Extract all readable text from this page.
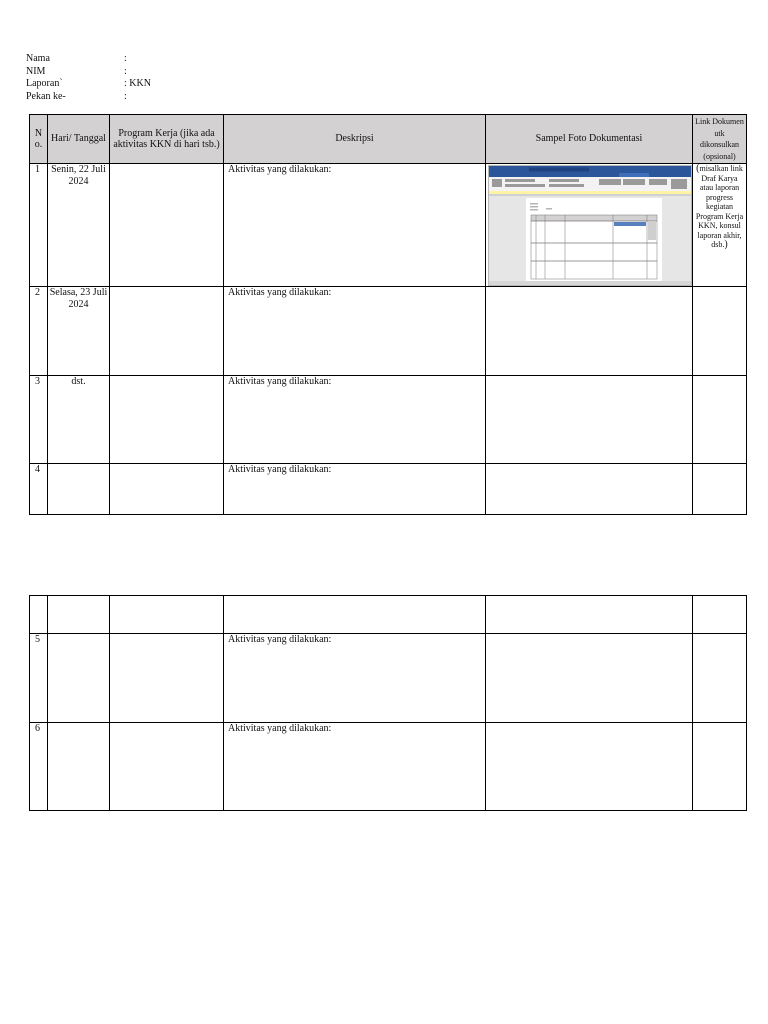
Nama	:
NIM	:
Laporan`	: KKN
Pekan ke-	:
N o.	Hari/ Tanggal	Program Kerja (jika ada aktivitas KKN di hari tsb.)	Deskripsi	Sampel Foto Dokumentasi	Link Dokumen utk dikonsulkan (opsional)
1	Senin, 22 Juli 2024		Aktivitas yang dilakukan:		(misalkan link Draf Karya atau laporan progress kegiatan Program Kerja KKN, konsul laporan akhir, dsb.)
2	Selasa, 23 Juli 2024		Aktivitas yang dilakukan:		
3	dst.		Aktivitas yang dilakukan:		
4			Aktivitas yang dilakukan:		

5			Aktivitas yang dilakukan:		
6			Aktivitas yang dilakukan:		
